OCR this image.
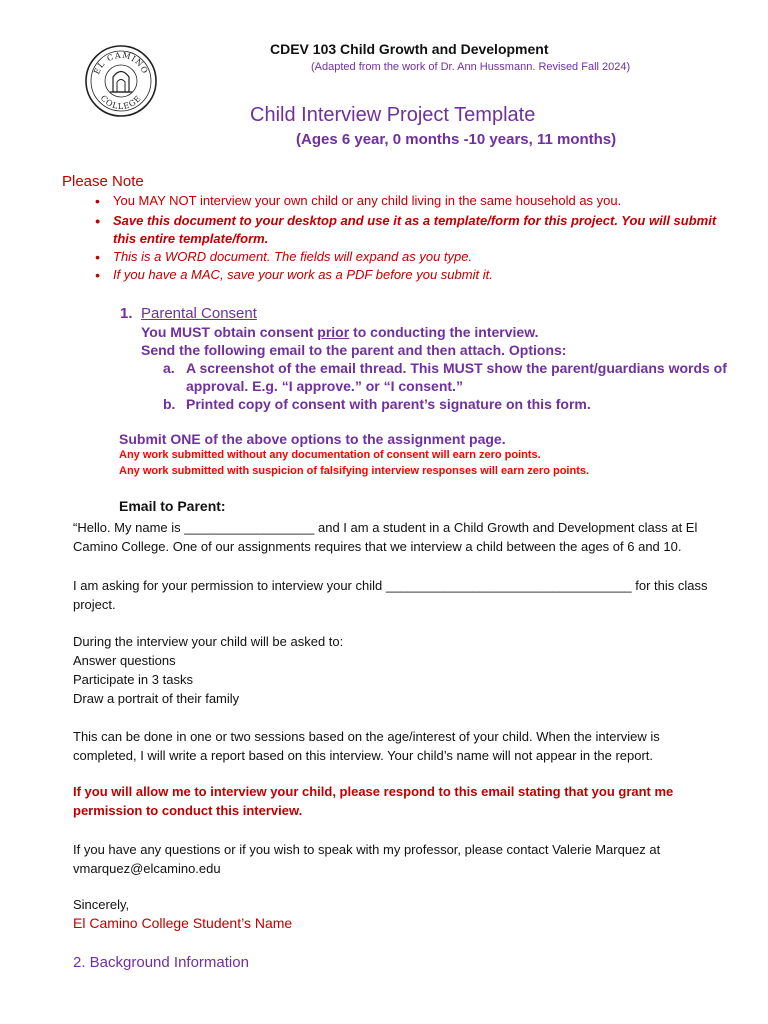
EL CAMINO
COLLEGE
CDEV 103 Child Growth and Development
(Adapted from the work of Dr. Ann Hussmann. Revised Fall 2024)
Child Interview Project Template
(Ages 6 year, 0 months -10 years, 11 months)
Please Note
• You MAY NOT interview your own child or any child living in the same household as you.
• Save this document to your desktop and use it as a template/form for this project. You will submit this entire template/form.
• This is a WORD document. The fields will expand as you type.
• If you have a MAC, save your work as a PDF before you submit it.
1. Parental Consent
You MUST obtain consent prior to conducting the interview.
Send the following email to the parent and then attach. Options:
a. A screenshot of the email thread. This MUST show the parent/guardians words of
approval. E.g. “I approve.” or “I consent.”
b. Printed copy of consent with parent’s signature on this form.
Submit ONE of the above options to the assignment page.
Any work submitted without any documentation of consent will earn zero points.
Any work submitted with suspicion of falsifying interview responses will earn zero points.
Email to Parent:
“Hello. My name is __________________ and I am a student in a Child Growth and Development class at El Camino College. One of our assignments requires that we interview a child between the ages of 6 and 10.
I am asking for your permission to interview your child __________________________________ for this class project.
During the interview your child will be asked to:
Answer questions
Participate in 3 tasks
Draw a portrait of their family
This can be done in one or two sessions based on the age/interest of your child. When the interview is completed, I will write a report based on this interview. Your child’s name will not appear in the report.
If you will allow me to interview your child, please respond to this email stating that you grant me permission to conduct this interview.
If you have any questions or if you wish to speak with my professor, please contact Valerie Marquez at vmarquez@elcamino.edu
Sincerely,
El Camino College Student’s Name
2. Background Information
